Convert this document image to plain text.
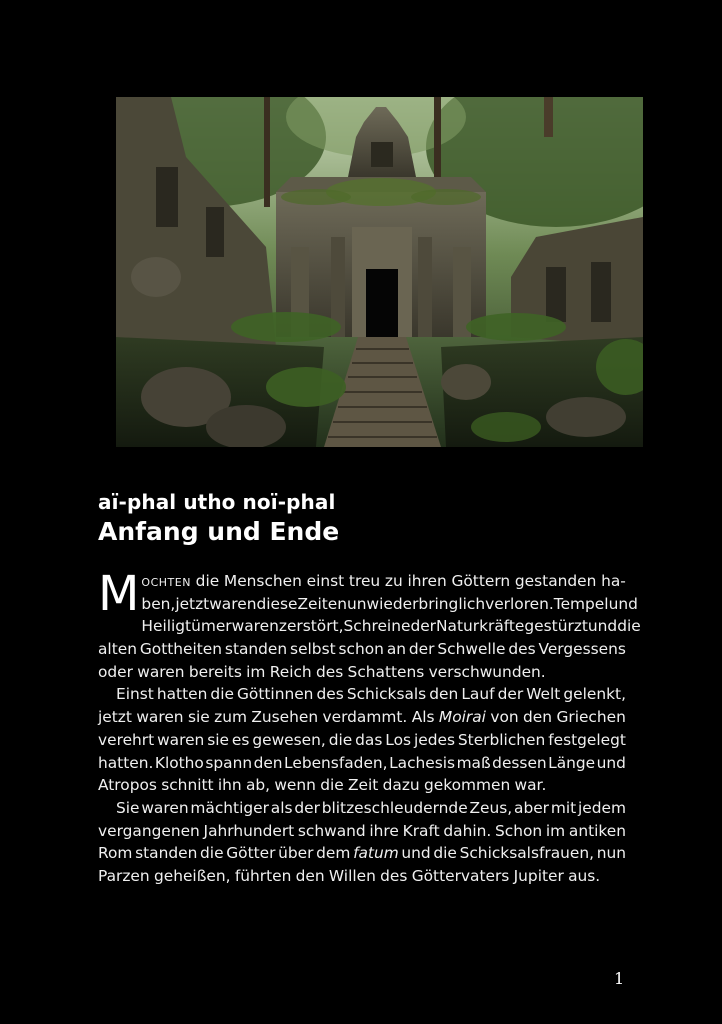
aï-phal utho noï-phal
Anfang und Ende
M ochten die Menschen einst treu zu ihren Göttern gestanden ha-
ben, jetzt waren diese Zeiten unwiederbringlich verloren. Tempel und
Heiligtümer waren zerstört, Schreine der Naturkräfte gestürzt und die
alten Gottheiten standen selbst schon an der Schwelle des Vergessens
oder waren bereits im Reich des Schattens verschwunden.
Einst hatten die Göttinnen des Schicksals den Lauf der Welt gelenkt,
jetzt waren sie zum Zusehen verdammt. Als Moirai von den Griechen
verehrt waren sie es gewesen, die das Los jedes Sterblichen festgelegt
hatten. Klotho spann den Lebensfaden, Lachesis maß dessen Länge und
Atropos schnitt ihn ab, wenn die Zeit dazu gekommen war.
Sie waren mächtiger als der blitzeschleudernde Zeus, aber mit jedem
vergangenen Jahrhundert schwand ihre Kraft dahin. Schon im antiken
Rom standen die Götter über dem fatum und die Schicksalsfrauen, nun
Parzen geheißen, führten den Willen des Göttervaters Jupiter aus.
1
